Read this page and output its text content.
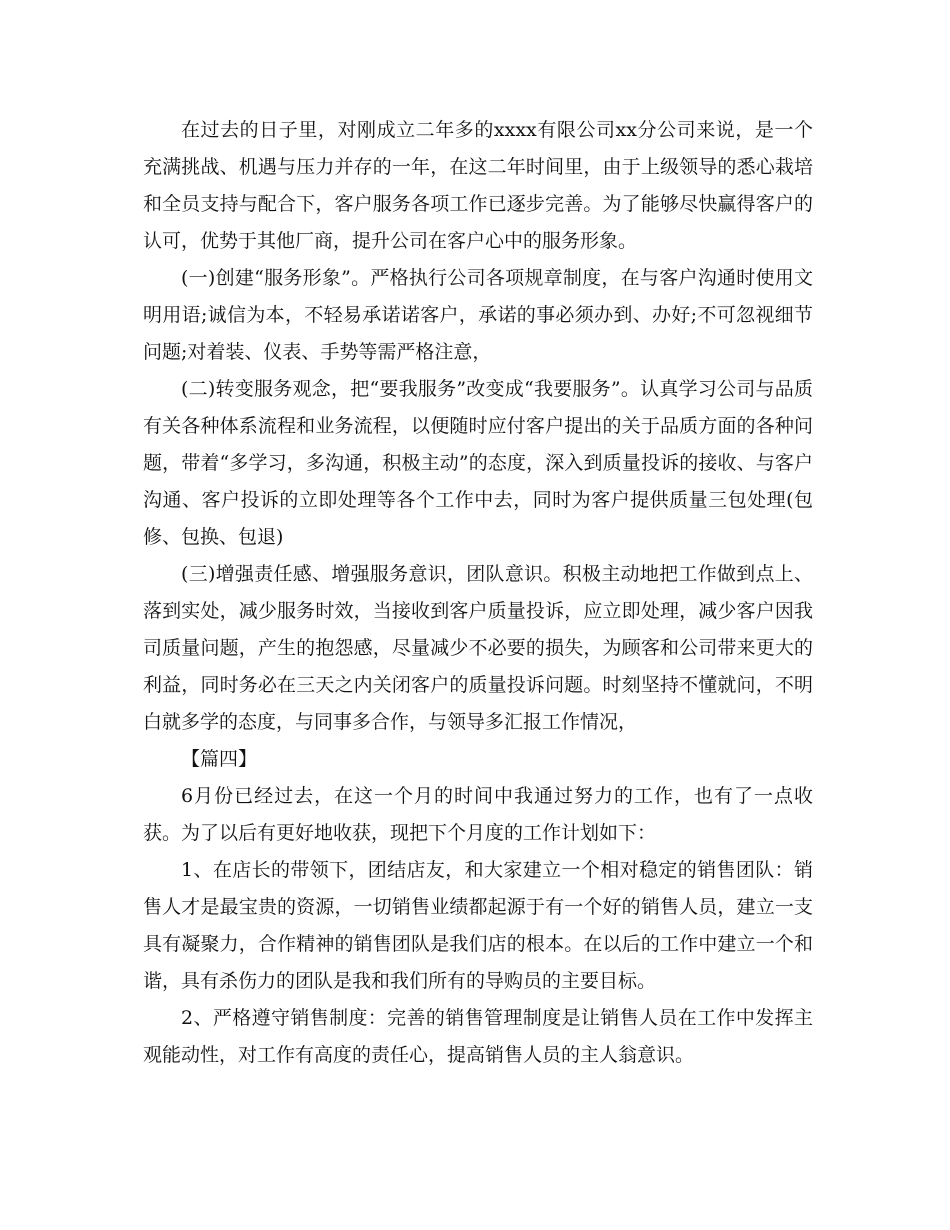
在过去的日子里，对刚成立二年多的xxxx有限公司xx分公司来说，是一个充满挑战、机遇与压力并存的一年，在这二年时间里，由于上级领导的悉心栽培和全员支持与配合下，客户服务各项工作已逐步完善。为了能够尽快赢得客户的认可，优势于其他厂商，提升公司在客户心中的服务形象。

(一)创建“服务形象”。严格执行公司各项规章制度，在与客户沟通时使用文明用语;诚信为本，不轻易承诺诺客户，承诺的事必须办到、办好;不可忽视细节问题;对着装、仪表、手势等需严格注意，

(二)转变服务观念，把“要我服务”改变成“我要服务”。认真学习公司与品质有关各种体系流程和业务流程，以便随时应付客户提出的关于品质方面的各种问题，带着“多学习，多沟通，积极主动”的态度，深入到质量投诉的接收、与客户沟通、客户投诉的立即处理等各个工作中去，同时为客户提供质量三包处理(包修、包换、包退)

(三)增强责任感、增强服务意识，团队意识。积极主动地把工作做到点上、落到实处，减少服务时效，当接收到客户质量投诉，应立即处理，减少客户因我司质量问题，产生的抱怨感，尽量减少不必要的损失，为顾客和公司带来更大的利益，同时务必在三天之内关闭客户的质量投诉问题。时刻坚持不懂就问，不明白就多学的态度，与同事多合作，与领导多汇报工作情况，

【篇四】

6月份已经过去，在这一个月的时间中我通过努力的工作，也有了一点收获。为了以后有更好地收获，现把下个月度的工作计划如下：

1、在店长的带领下，团结店友，和大家建立一个相对稳定的销售团队：销售人才是最宝贵的资源，一切销售业绩都起源于有一个好的销售人员，建立一支具有凝聚力，合作精神的销售团队是我们店的根本。在以后的工作中建立一个和谐，具有杀伤力的团队是我和我们所有的导购员的主要目标。

2、严格遵守销售制度：完善的销售管理制度是让销售人员在工作中发挥主观能动性，对工作有高度的责任心，提高销售人员的主人翁意识。
